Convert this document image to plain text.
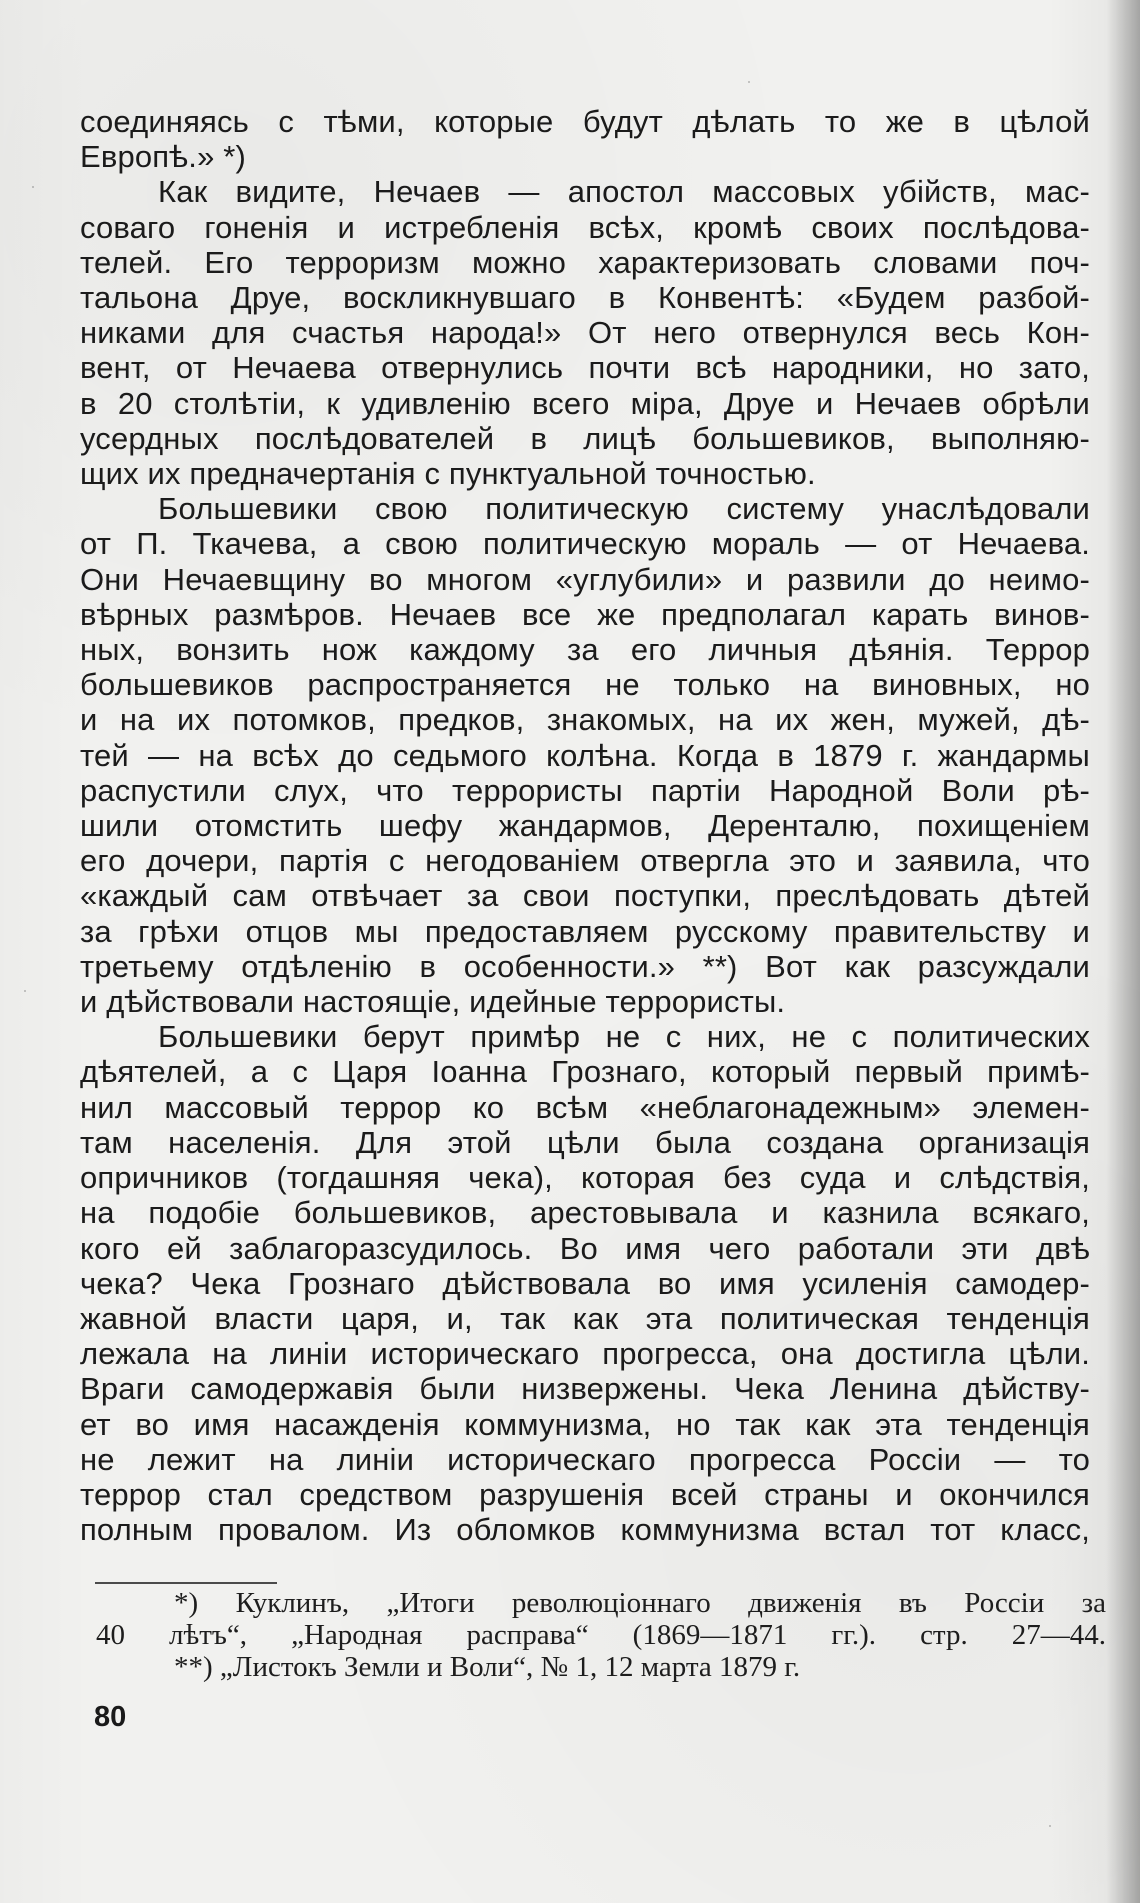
соединяясь с тѣми, которые будут дѣлать то же в цѣлой
Европѣ.» *)
Как видите, Нечаев — апостол массовых убійств, мас-
соваго гоненія и истребленія всѣх, кромѣ своих послѣдова-
телей. Его терроризм можно характеризовать словами поч-
тальона Друе, воскликнувшаго в Конвентѣ: «Будем разбой-
никами для счастья народа!» От него отвернулся весь Кон-
вент, от Нечаева отвернулись почти всѣ народники, но зато,
в 20 столѣтіи, к удивленію всего міра, Друе и Нечаев обрѣли
усердных послѣдователей в лицѣ большевиков, выполняю-
щих их предначертанія с пунктуальной точностью.
Большевики свою политическую систему унаслѣдовали
от П. Ткачева, а свою политическую мораль — от Нечаева.
Они Нечаевщину во многом «углубили» и развили до неимо-
вѣрных размѣров. Нечаев все же предполагал карать винов-
ных, вонзить нож каждому за его личныя дѣянія. Террор
большевиков распространяется не только на виновных, но
и на их потомков, предков, знакомых, на их жен, мужей, дѣ-
тей — на всѣх до седьмого колѣна. Когда в 1879 г. жандармы
распустили слух, что террористы партіи Народной Воли рѣ-
шили отомстить шефу жандармов, Деренталю, похищеніем
его дочери, партія с негодованіем отвергла это и заявила, что
«каждый сам отвѣчает за свои поступки, преслѣдовать дѣтей
за грѣхи отцов мы предоставляем русскому правительству и
третьему отдѣленію в особенности.» **) Вот как разсуждали
и дѣйствовали настоящіе, идейные террористы.
Большевики берут примѣр не с них, не с политических
дѣятелей, а с Царя Іоанна Грознаго, который первый примѣ-
нил массовый террор ко всѣм «неблагонадежным» элемен-
там населенія. Для этой цѣли была создана организація
опричников (тогдашняя чека), которая без суда и слѣдствія,
на подобіе большевиков, арестовывала и казнила всякаго,
кого ей заблагоразсудилось. Во имя чего работали эти двѣ
чека? Чека Грознаго дѣйствовала во имя усиленія самодер-
жавной власти царя, и, так как эта политическая тенденція
лежала на линіи историческаго прогресса, она достигла цѣли.
Враги самодержавія были низвержены. Чека Ленина дѣйству-
ет во имя насажденія коммунизма, но так как эта тенденція
не лежит на линіи историческаго прогресса Россіи — то
террор стал средством разрушенія всей страны и окончился
полным провалом. Из обломков коммунизма встал тот класс,
*) Куклинъ, „Итоги революціоннаго движенія въ Россіи за
40 лѣтъ“, „Народная расправа“ (1869—1871 гг.). стр. 27—44.
**) „Листокъ Земли и Воли“, № 1, 12 марта 1879 г.
80
